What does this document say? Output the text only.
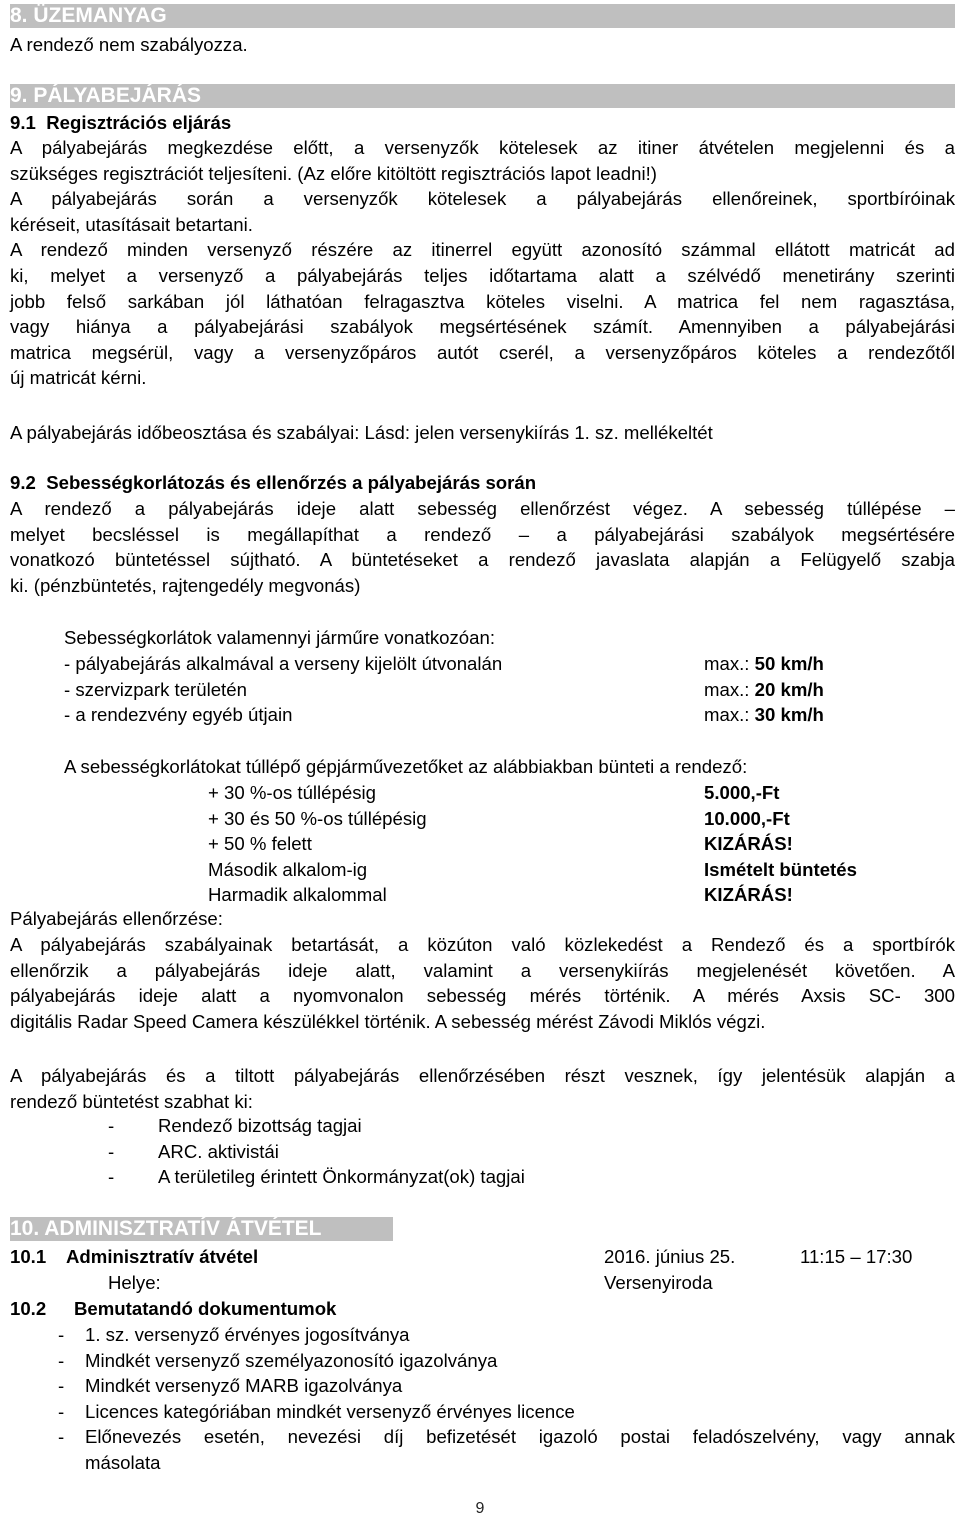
8. ÜZEMANYAG
A rendező nem szabályozza.
9. PÁLYABEJÁRÁS
9.1 Regisztrációs eljárás
A pályabejárás megkezdése előtt, a versenyzők kötelesek az itiner átvételen megjelenni és a
szükséges regisztrációt teljesíteni. (Az előre kitöltött regisztrációs lapot leadni!)
A pályabejárás során a versenyzők kötelesek a pályabejárás ellenőreinek, sportbíróinak
kéréseit, utasításait betartani.
A rendező minden versenyző részére az itinerrel együtt azonosító számmal ellátott matricát ad
ki, melyet a versenyző a pályabejárás teljes időtartama alatt a szélvédő menetirány szerinti
jobb felső sarkában jól láthatóan felragasztva köteles viselni. A matrica fel nem ragasztása,
vagy hiánya a pályabejárási szabályok megsértésének számít. Amennyiben a pályabejárási
matrica megsérül, vagy a versenyzőpáros autót cserél, a versenyzőpáros köteles a rendezőtől
új matricát kérni.
A pályabejárás időbeosztása és szabályai: Lásd: jelen versenykiírás 1. sz. mellékeltét
9.2 Sebességkorlátozás és ellenőrzés a pályabejárás során
A rendező a pályabejárás ideje alatt sebesség ellenőrzést végez. A sebesség túllépése –
melyet becsléssel is megállapíthat a rendező – a pályabejárási szabályok megsértésére
vonatkozó büntetéssel sújtható. A büntetéseket a rendező javaslata alapján a Felügyelő szabja
ki. (pénzbüntetés, rajtengedély megvonás)
Sebességkorlátok valamennyi járműre vonatkozóan:
- pályabejárás alkalmával a verseny kijelölt útvonalán	max.: 50 km/h
- szervizpark területén	max.: 20 km/h
- a rendezvény egyéb útjain	max.: 30 km/h
A sebességkorlátokat túllépő gépjárművezetőket az alábbiakban bünteti a rendező:
+ 30 %-os túllépésig	5.000,-Ft
+ 30 és 50 %-os túllépésig	10.000,-Ft
+ 50 % felett	KIZÁRÁS!
Második alkalom-ig	Ismételt büntetés
Harmadik alkalommal	KIZÁRÁS!
Pályabejárás ellenőrzése:
A pályabejárás szabályainak betartását, a közúton való közlekedést a Rendező és a sportbírók
ellenőrzik a pályabejárás ideje alatt, valamint a versenykiírás megjelenését követően. A
pályabejárás ideje alatt a nyomvonalon sebesség mérés történik. A mérés Axsis SC- 300
digitális Radar Speed Camera készülékkel történik. A sebesség mérést Závodi Miklós végzi.
A pályabejárás és a tiltott pályabejárás ellenőrzésében részt vesznek, így jelentésük alapján a
rendező büntetést szabhat ki:
-	Rendező bizottság tagjai
-	ARC. aktivistái
-	A területileg érintett Önkormányzat(ok) tagjai
10. ADMINISZTRATÍV ÁTVÉTEL
10.1	Adminisztratív átvétel	2016. június 25.	11:15 – 17:30
Helye:	Versenyiroda
10.2	Bemutatandó dokumentumok
-	1. sz. versenyző érvényes jogosítványa
-	Mindkét versenyző személyazonosító igazolványa
-	Mindkét versenyző MARB igazolványa
-	Licences kategóriában mindkét versenyző érvényes licence
-	Előnevezés esetén, nevezési díj befizetését igazoló postai feladószelvény, vagy annak
másolata
9
